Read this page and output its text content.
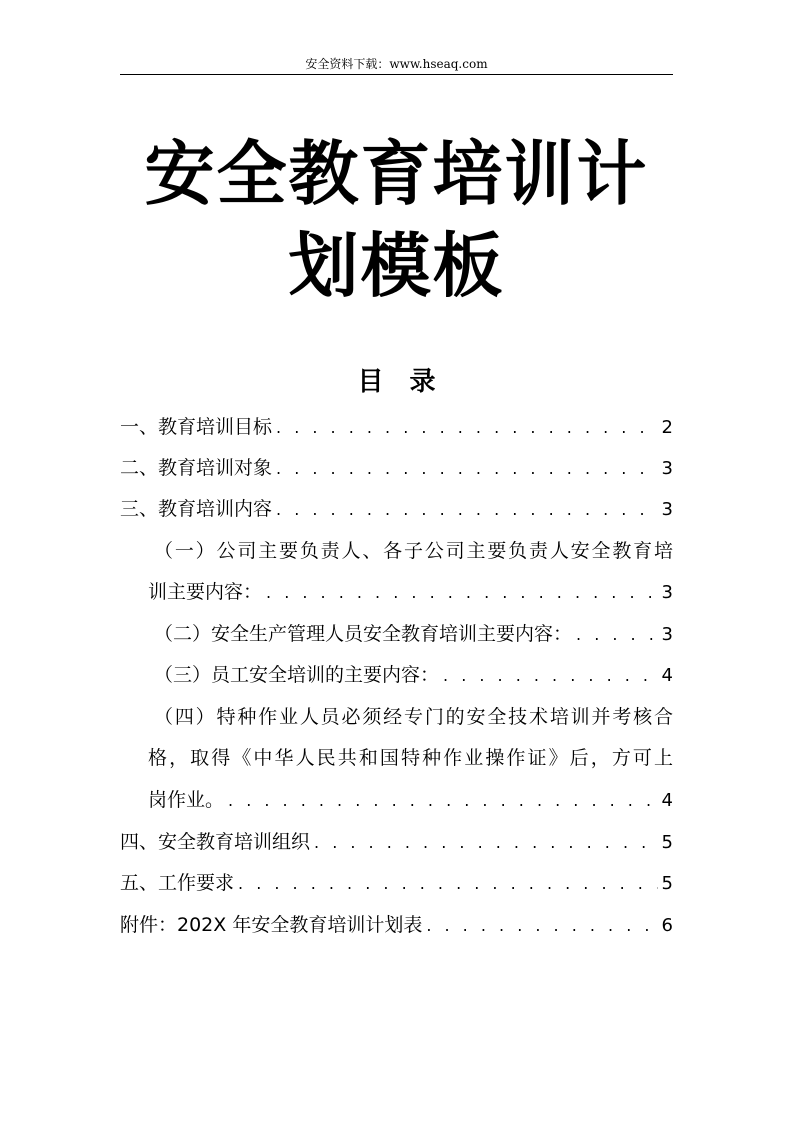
安全资料下载：www.hseaq.com
安全教育培训计
划模板
目　录
一、教育培训目标 . . .	2
二、教育培训对象 . . .	3
三、教育培训内容 . . .	3
（一）公司主要负责人、各子公司主要负责人安全教育培
训主要内容： . . .	3
（二）安全生产管理人员安全教育培训主要内容： . . .	3
（三）员工安全培训的主要内容： . . .	4
（四）特种作业人员必须经专门的安全技术培训并考核合
格，取得《中华人民共和国特种作业操作证》后，方可上
岗作业。 . . .	4
四、安全教育培训组织 . . .	5
五、工作要求 . . .	5
附件：202X 年安全教育培训计划表 . . .	6
